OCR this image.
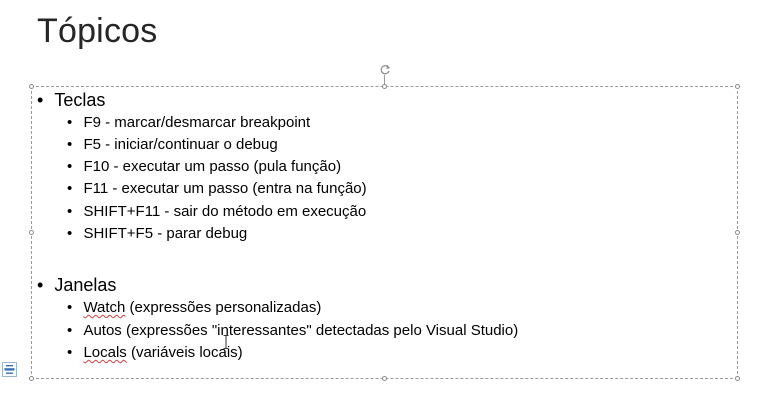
Tópicos
• Teclas
• F9 - marcar/desmarcar breakpoint
• F5 - iniciar/continuar o debug
• F10 - executar um passo (pula função)
• F11 - executar um passo (entra na função)
• SHIFT+F11 - sair do método em execução
• SHIFT+F5 - parar debug
• Janelas
• Watch (expressões personalizadas)
• Autos (expressões "interessantes" detectadas pelo Visual Studio)
• Locals (variáveis locais)
